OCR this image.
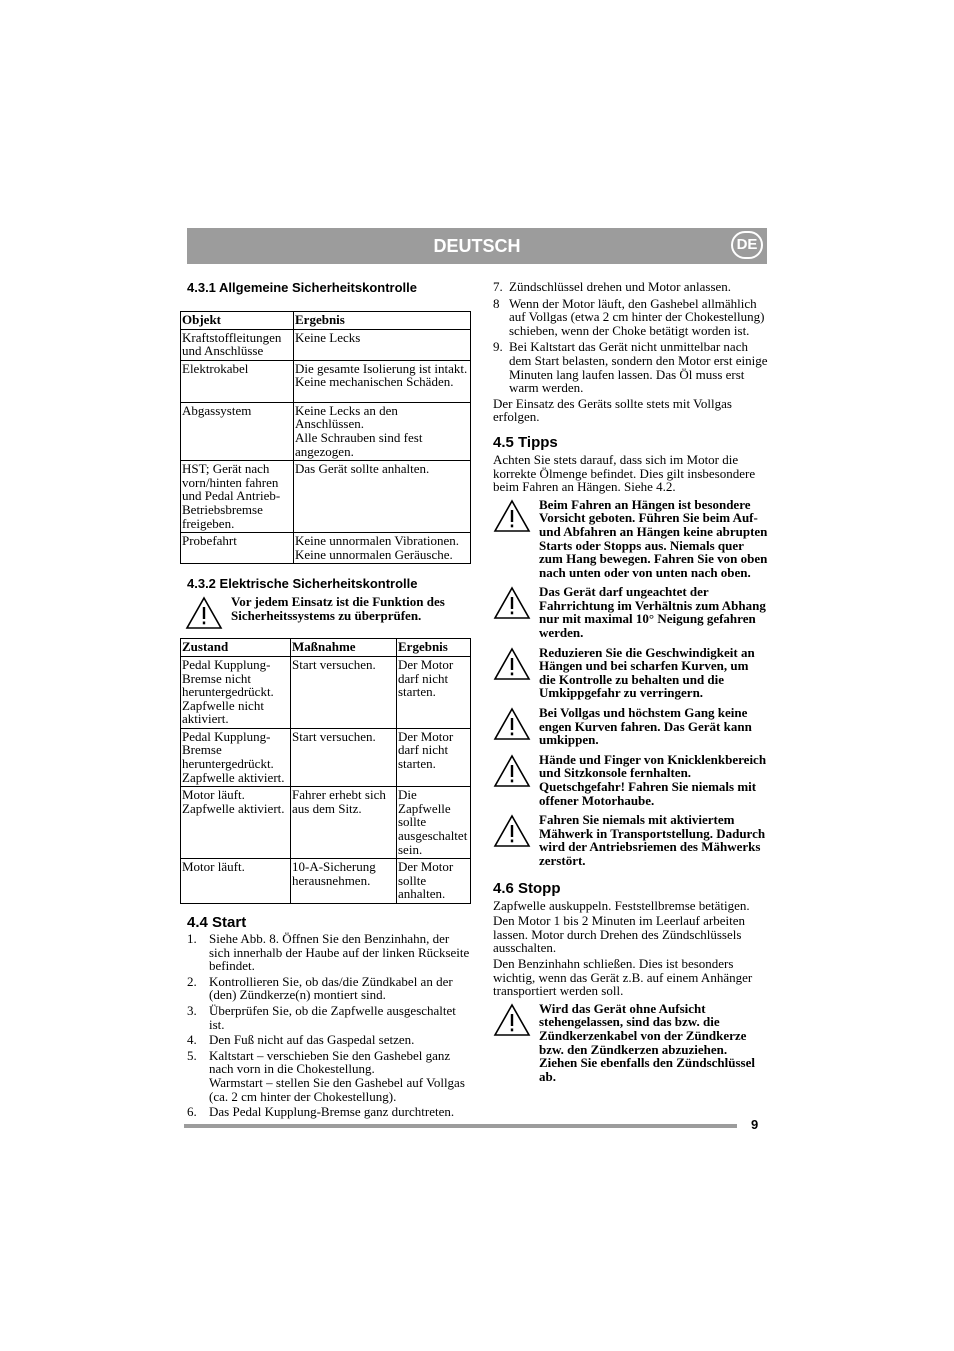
DEUTSCH	DE
4.3.1 Allgemeine Sicherheitskontrolle
Objekt	Ergebnis

Kraftstoffleitungen und Anschlüsse	Keine Lecks

Elektrokabel	Die gesamte Isolierung ist intakt.
Keine mechanischen Schäden.

Abgassystem	Keine Lecks an den Anschlüssen.
Alle Schrauben sind fest angezogen.

HST; Gerät nach vorn/hinten fahren und Pedal Antrieb-Betriebsbremse freigeben.	Das Gerät sollte anhalten.

Probefahrt	Keine unnormalen Vibrationen.
Keine unnormalen Geräusche.
4.3.2 Elektrische Sicherheitskontrolle
Vor jedem Einsatz ist die Funktion des Sicherheitssystems zu überprüfen.
Zustand	Maßnahme	Ergebnis

Pedal Kupplung-Bremse nicht heruntergedrückt.
Zapfwelle nicht aktiviert.	Start versuchen.	Der Motor darf nicht starten.

Pedal Kupplung-Bremse heruntergedrückt.
Zapfwelle aktiviert.	Start versuchen.	Der Motor darf nicht starten.

Motor läuft. Zapfwelle aktiviert.	Fahrer erhebt sich aus dem Sitz.	Die Zapfwelle sollte ausgeschaltet sein.

Motor läuft.	10-A-Sicherung herausnehmen.	Der Motor sollte anhalten.
4.4 Start
1. Siehe Abb. 8. Öffnen Sie den Benzinhahn, der sich innerhalb der Haube auf der linken Rückseite befindet.
2. Kontrollieren Sie, ob das/die Zündkabel an der (den) Zündkerze(n) montiert sind.
3. Überprüfen Sie, ob die Zapfwelle ausgeschaltet ist.
4. Den Fuß nicht auf das Gaspedal setzen.
5. Kaltstart – verschieben Sie den Gashebel ganz nach vorn in die Chokestellung.
Warmstart – stellen Sie den Gashebel auf Vollgas (ca. 2 cm hinter der Chokestellung).
6. Das Pedal Kupplung-Bremse ganz durchtreten.
7. Zündschlüssel drehen und Motor anlassen.
8 Wenn der Motor läuft, den Gashebel allmählich auf Vollgas (etwa 2 cm hinter der Chokestellung) schieben, wenn der Choke betätigt worden ist.
9. Bei Kaltstart das Gerät nicht unmittelbar nach dem Start belasten, sondern den Motor erst einige Minuten lang laufen lassen. Das Öl muss erst warm werden.

Der Einsatz des Geräts sollte stets mit Vollgas erfolgen.

4.5 Tipps

Achten Sie stets darauf, dass sich im Motor die korrekte Ölmenge befindet. Dies gilt insbesondere beim Fahren an Hängen. Siehe 4.2.

Beim Fahren an Hängen ist besondere Vorsicht geboten. Führen Sie beim Auf- und Abfahren an Hängen keine abrupten Starts oder Stopps aus. Niemals quer zum Hang bewegen. Fahren Sie von oben nach unten oder von unten nach oben.
Das Gerät darf ungeachtet der Fahrrichtung im Verhältnis zum Abhang nur mit maximal 10° Neigung gefahren werden.
Reduzieren Sie die Geschwindigkeit an Hängen und bei scharfen Kurven, um die Kontrolle zu behalten und die Umkippgefahr zu verringern.
Bei Vollgas und höchstem Gang keine engen Kurven fahren. Das Gerät kann umkippen.
Hände und Finger von Knicklenkbereich und Sitzkonsole fernhalten. Quetschgefahr! Fahren Sie niemals mit offener Motorhaube.
Fahren Sie niemals mit aktiviertem Mähwerk in Transportstellung. Dadurch wird der Antriebsriemen des Mähwerks zerstört.
4.6 Stopp

Zapfwelle auskuppeln. Feststellbremse betätigen.

Den Motor 1 bis 2 Minuten im Leerlauf arbeiten lassen. Motor durch Drehen des Zündschlüssels ausschalten.

Den Benzinhahn schließen. Dies ist besonders wichtig, wenn das Gerät z.B. auf einem Anhänger transportiert werden soll.

Wird das Gerät ohne Aufsicht stehengelassen, sind das bzw. die Zündkerzenkabel von der Zündkerze bzw. den Zündkerzen abzuziehen. Ziehen Sie ebenfalls den Zündschlüssel ab.
9
